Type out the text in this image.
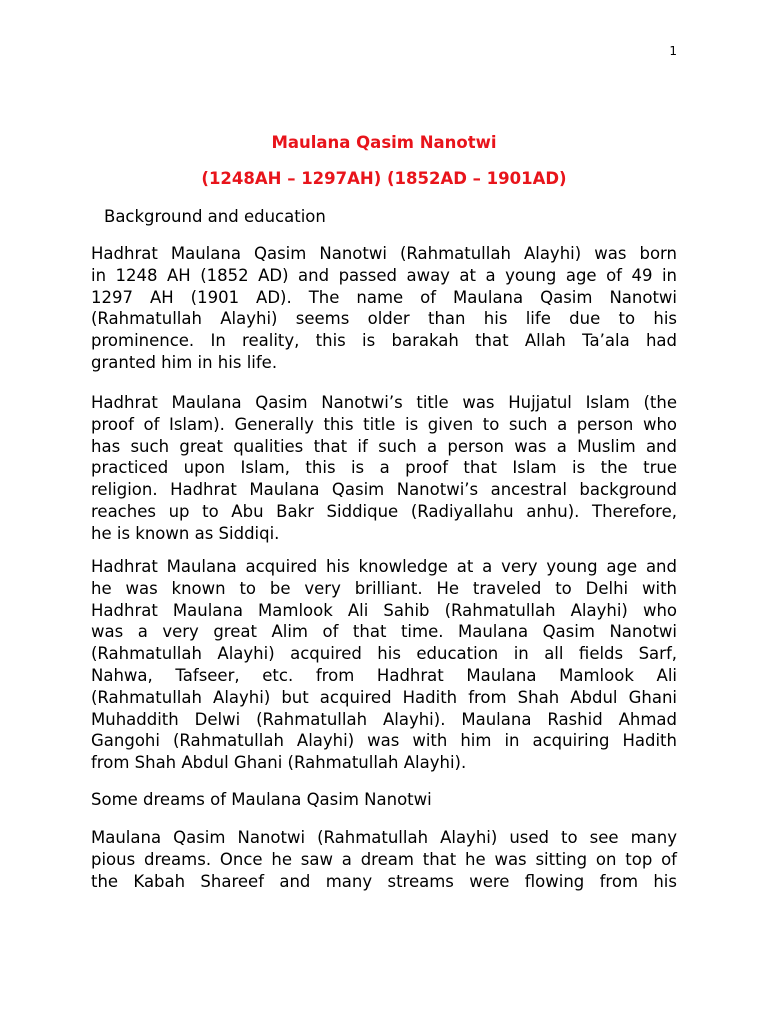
1
Maulana Qasim Nanotwi
(1248AH – 1297AH) (1852AD – 1901AD)
Background and education
Hadhrat Maulana Qasim Nanotwi (Rahmatullah Alayhi) was born
in 1248 AH (1852 AD) and passed away at a young age of 49 in
1297 AH (1901 AD). The name of Maulana Qasim Nanotwi
(Rahmatullah Alayhi) seems older than his life due to his
prominence. In reality, this is barakah that Allah Ta’ala had
granted him in his life.
Hadhrat Maulana Qasim Nanotwi’s title was Hujjatul Islam (the
proof of Islam). Generally this title is given to such a person who
has such great qualities that if such a person was a Muslim and
practiced upon Islam, this is a proof that Islam is the true
religion. Hadhrat Maulana Qasim Nanotwi’s ancestral background
reaches up to Abu Bakr Siddique (Radiyallahu anhu). Therefore,
he is known as Siddiqi.
Hadhrat Maulana acquired his knowledge at a very young age and
he was known to be very brilliant. He traveled to Delhi with
Hadhrat Maulana Mamlook Ali Sahib (Rahmatullah Alayhi) who
was a very great Alim of that time. Maulana Qasim Nanotwi
(Rahmatullah Alayhi) acquired his education in all fields Sarf,
Nahwa, Tafseer, etc. from Hadhrat Maulana Mamlook Ali
(Rahmatullah Alayhi) but acquired Hadith from Shah Abdul Ghani
Muhaddith Delwi (Rahmatullah Alayhi). Maulana Rashid Ahmad
Gangohi (Rahmatullah Alayhi) was with him in acquiring Hadith
from Shah Abdul Ghani (Rahmatullah Alayhi).
Some dreams of Maulana Qasim Nanotwi
Maulana Qasim Nanotwi (Rahmatullah Alayhi) used to see many
pious dreams. Once he saw a dream that he was sitting on top of
the Kabah Shareef and many streams were flowing from his
